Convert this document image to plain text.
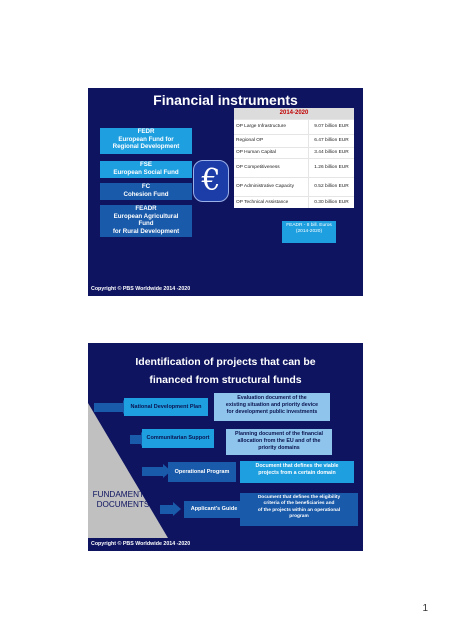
Financial instruments
FEDR
European Fund for
Regional Development
FSE
European Social Fund
FC
Cohesion Fund
FEADR
European Agricultural
Fund
for Rural Development
€
2014-2020
OP Large Infrastructure	9.07 billion EUR
Regional OP	6.47 billion EUR
OP Human Capital	3.44 billion EUR
OP Competitiveness	1.26 billion EUR
OP Administrative Capacity	0.52 billion EUR
OP Technical Assistance	0.30 billion EUR
FEADR - 8 bill. Euros
(2014-2020)
Copyright © PBS Worldwide 2014 -2020
Identification of projects that can be
financed from structural funds
National Development Plan
Evaluation document of the
existing situation and priority device
for development public investments
Communitarian Support
Planning document of the financial
allocation from the EU and of the
priority domains
Operational Program
Document that defines the viable
projects from a certain domain
Applicant's Guide
Document that defines the eligibility
criteria of the beneficiaries and
of the projects within an operational
program
FUNDAMENTAL
DOCUMENTS
Copyright © PBS Worldwide 2014 -2020
1
